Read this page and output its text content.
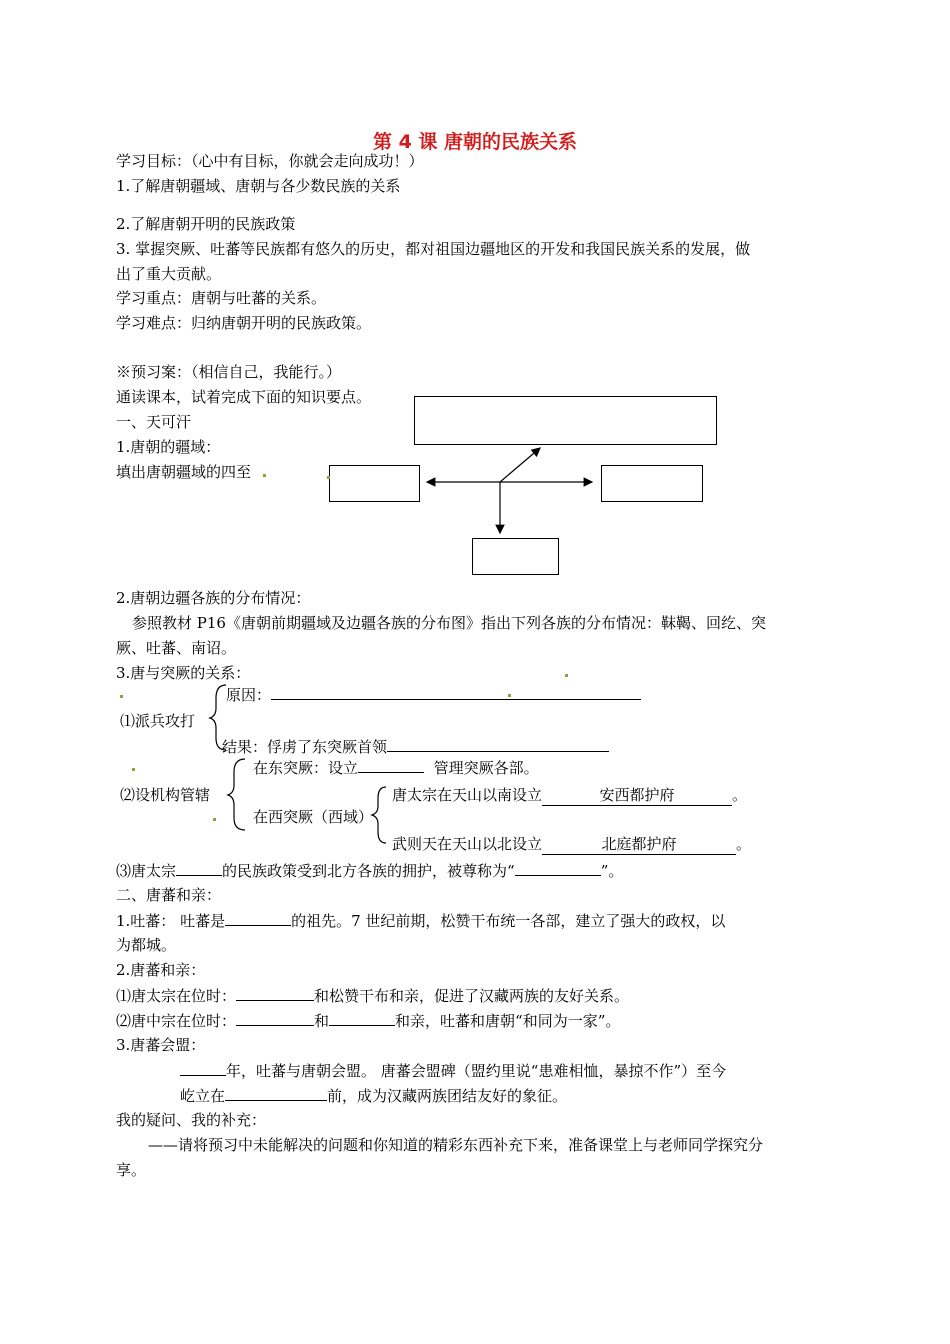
第 4 课 唐朝的民族关系
学习目标：（心中有目标，你就会走向成功！）
1.了解唐朝疆域、唐朝与各少数民族的关系
2.了解唐朝开明的民族政策
3. 掌握突厥、吐蕃等民族都有悠久的历史，都对祖国边疆地区的开发和我国民族关系的发展，做
出了重大贡献。
学习重点：唐朝与吐蕃的关系。
学习难点：归纳唐朝开明的民族政策。
※预习案：（相信自己，我能行。）
通读课本，试着完成下面的知识要点。
一、天可汗
1.唐朝的疆域：
填出唐朝疆域的四至
2.唐朝边疆各族的分布情况：
参照教材 P16《唐朝前期疆域及边疆各族的分布图》指出下列各族的分布情况：靺鞨、回纥、突
厥、吐蕃、南诏。
3.唐与突厥的关系：
原因：
⑴派兵攻打
结果：俘虏了东突厥首领
在东突厥：设立	管理突厥各部。
⑵设机构管辖	唐太宗在天山以南设立	安西都护府	。
在西突厥（西域）
武则天在天山以北设立	北庭都护府	。
⑶唐太宗	的民族政策受到北方各族的拥护，被尊称为“	”。
二、唐蕃和亲：
1.吐蕃： 吐蕃是	的祖先。7 世纪前期，松赞干布统一各部，建立了强大的政权，以
为都城。
2.唐蕃和亲：
⑴唐太宗在位时：	和松赞干布和亲，促进了汉藏两族的友好关系。
⑵唐中宗在位时：	和	和亲，吐蕃和唐朝“和同为一家”。
3.唐蕃会盟：
年，吐蕃与唐朝会盟。 唐蕃会盟碑（盟约里说“患难相恤，暴掠不作”）至今
屹立在	前，成为汉藏两族团结友好的象征。
我的疑问、我的补充：
——请将预习中未能解决的问题和你知道的精彩东西补充下来，准备课堂上与老师同学探究分
享。
